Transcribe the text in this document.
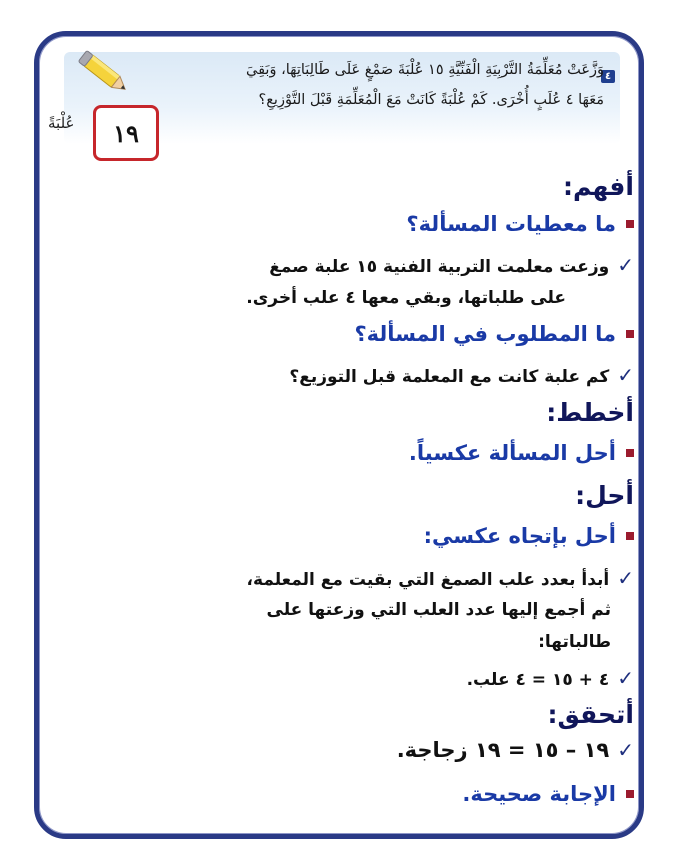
٤
وَزَّعَتْ مُعَلِّمَةُ التَّرْبِيَةِ الْفَنِّيَّةِ ١٥ عُلْبَةَ صَمْغٍ عَلَى طَالِبَاتِهَا، وَبَقِيَ
مَعَهَا ٤ عُلَبٍ أُخْرَى. كَمْ عُلْبَةً كَانَتْ مَعَ الْمُعَلِّمَةِ قَبْلَ التَّوْزِيعِ؟
١٩
عُلْبَةً
أفهم:
ما معطيات المسألة؟
✓وزعت معلمت التربية الفنية ١٥ علبة صمغ
على طلباتها، وبقي معها ٤ علب أخرى.
ما المطلوب في المسألة؟
✓كم علبة كانت مع المعلمة قبل التوزيع؟
أخطط:
أحل المسألة عكسياً.
أحل:
أحل بإتجاه عكسي:
✓أبدأ بعدد علب الصمغ التي بقيت مع المعلمة،
ثم أجمع إليها عدد العلب التي وزعتها على
طالباتها:
✓٤ + ١٥ = ٤ علب.
أتحقق:
✓١٩ – ١٥ = ١٩ زجاجة.
الإجابة صحيحة.
